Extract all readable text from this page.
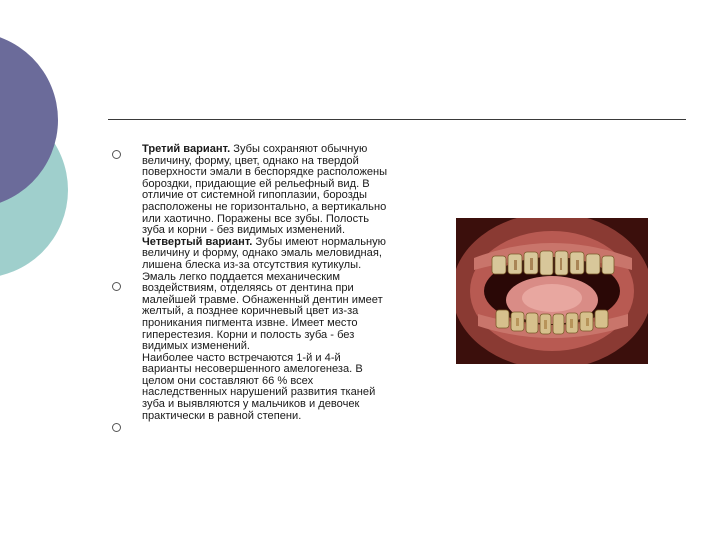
Третий вариант. Зубы сохраняют обычную величину, форму, цвет, однако на твердой поверхности эмали в беспорядке расположены бороздки, придающие ей рельефный вид. В отличие от системной гипоплазии, борозды расположены не горизонтально, а вертикально или хаотично. Поражены все зубы. Полость зуба и корни - без видимых изменений.

Четвертый вариант. Зубы имеют нормальную величину и форму, однако эмаль меловидная, лишена блеска из-за отсутствия кутикулы. Эмаль легко поддается механическим воздействиям, отделяясь от дентина при малейшей травме. Обнаженный дентин имеет желтый, а позднее коричневый цвет из-за проникания пигмента извне. Имеет место гиперестезия. Корни и полость зуба - без видимых изменений.

Наиболее часто встречаются 1-й и 4-й варианты несовершенного амелогенеза. В целом они составляют 66 % всех наследственных нарушений развития тканей зуба и выявляются у мальчиков и девочек практически в равной степени.
